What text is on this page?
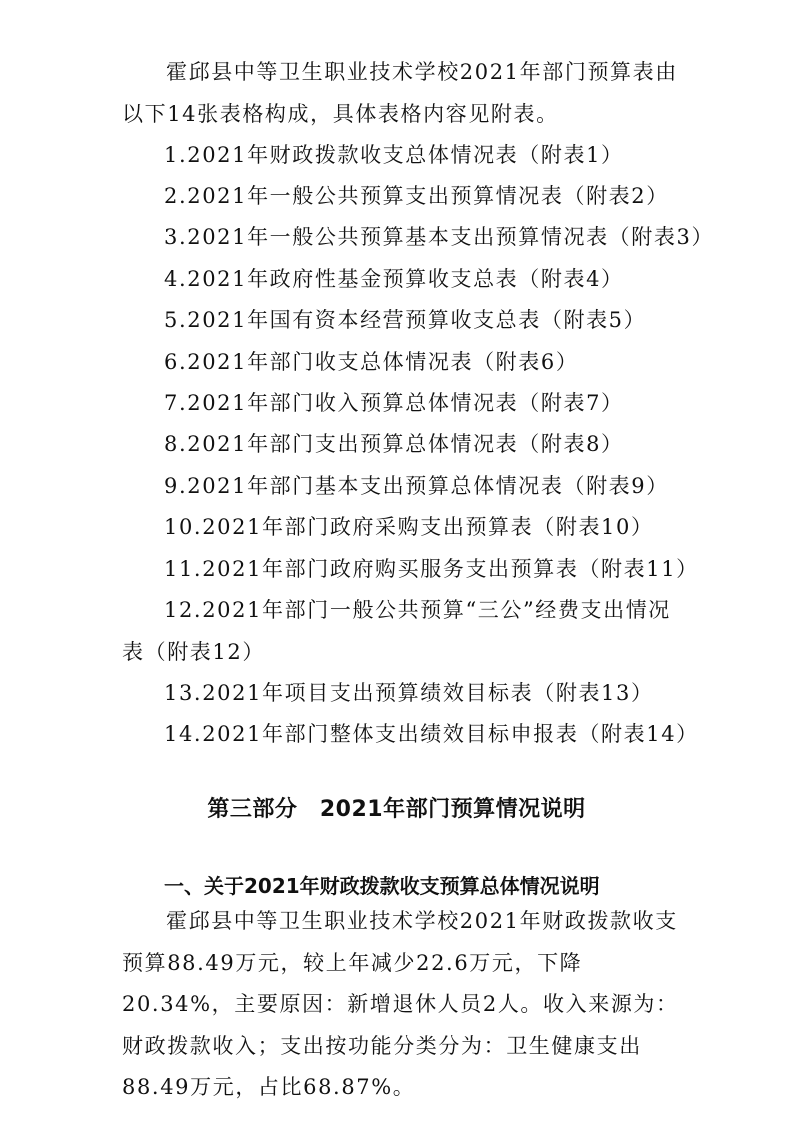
霍邱县中等卫生职业技术学校2021年部门预算表由以下14张表格构成，具体表格内容见附表。

1.2021年财政拨款收支总体情况表（附表1）

2.2021年一般公共预算支出预算情况表（附表2）

3.2021年一般公共预算基本支出预算情况表（附表3）

4.2021年政府性基金预算收支总表（附表4）

5.2021年国有资本经营预算收支总表（附表5）

6.2021年部门收支总体情况表（附表6）

7.2021年部门收入预算总体情况表（附表7）

8.2021年部门支出预算总体情况表（附表8）

9.2021年部门基本支出预算总体情况表（附表9）

10.2021年部门政府采购支出预算表（附表10）

11.2021年部门政府购买服务支出预算表（附表11）

12.2021年部门一般公共预算“三公”经费支出情况表（附表12）

13.2021年项目支出预算绩效目标表（附表13）

14.2021年部门整体支出绩效目标申报表（附表14）

第三部分　2021年部门预算情况说明
一、关于2021年财政拨款收支预算总体情况说明

霍邱县中等卫生职业技术学校2021年财政拨款收支预算88.49万元，较上年减少22.6万元，下降20.34%，主要原因：新增退休人员2人。收入来源为：财政拨款收入；支出按功能分类分为：卫生健康支出88.49万元，占比68.87%。
